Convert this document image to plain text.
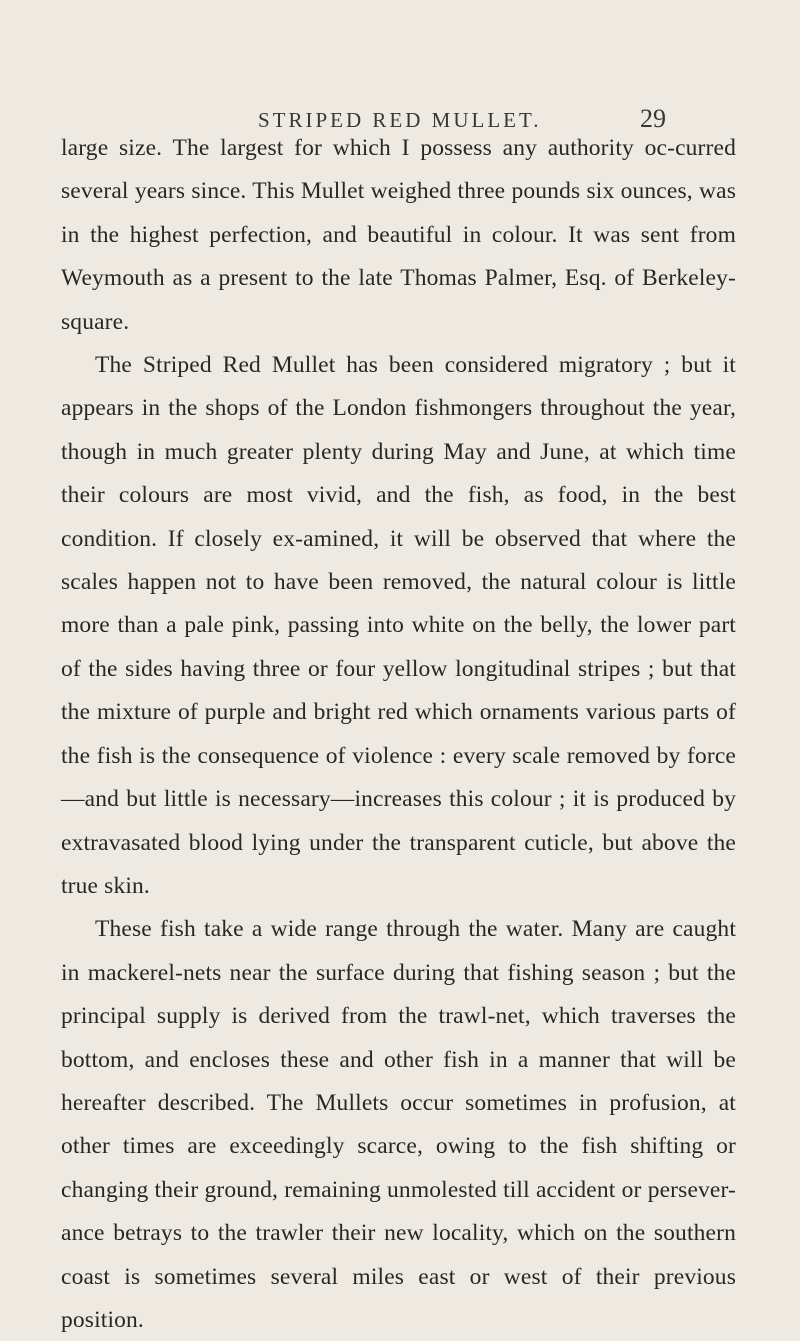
STRIPED RED MULLET.	29

large size. The largest for which I possess any authority oc-curred several years since. This Mullet weighed three pounds six ounces, was in the highest perfection, and beautiful in colour. It was sent from Weymouth as a present to the late Thomas Palmer, Esq. of Berkeley-square.

The Striped Red Mullet has been considered migratory ; but it appears in the shops of the London fishmongers throughout the year, though in much greater plenty during May and June, at which time their colours are most vivid, and the fish, as food, in the best condition. If closely ex-amined, it will be observed that where the scales happen not to have been removed, the natural colour is little more than a pale pink, passing into white on the belly, the lower part of the sides having three or four yellow longitudinal stripes ; but that the mixture of purple and bright red which ornaments various parts of the fish is the consequence of violence : every scale removed by force—and but little is necessary—increases this colour ; it is produced by extravasated blood lying under the transparent cuticle, but above the true skin.

These fish take a wide range through the water. Many are caught in mackerel-nets near the surface during that fishing season ; but the principal supply is derived from the trawl-net, which traverses the bottom, and encloses these and other fish in a manner that will be hereafter described. The Mullets occur sometimes in profusion, at other times are exceedingly scarce, owing to the fish shifting or changing their ground, remaining unmolested till accident or persever-ance betrays to the trawler their new locality, which on the southern coast is sometimes several miles east or west of their previous position.
